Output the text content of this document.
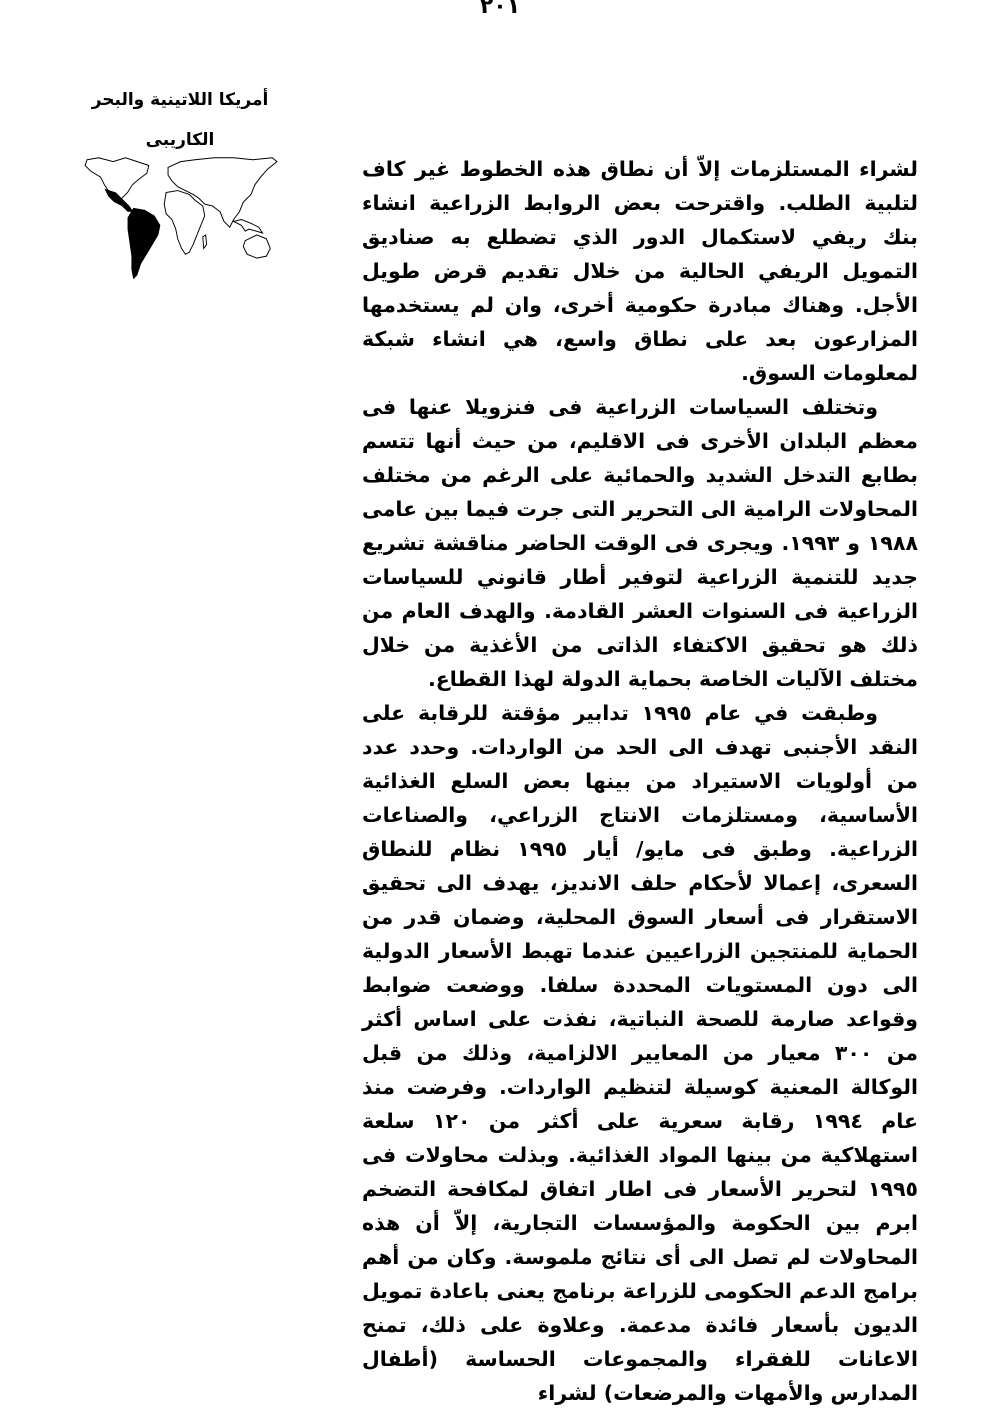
٢٠١

أمريكا اللاتينية والبحر

الكاريبى

لشراء المستلزمات إلاّ أن نطاق هذه الخطوط غير كاف لتلبية الطلب. واقترحت بعض الروابط الزراعية انشاء بنك ريفي لاستكمال الدور الذي تضطلع به صناديق التمويل الريفي الحالية من خلال تقديم قرض طويل الأجل. وهناك مبادرة حكومية أخرى، وان لم يستخدمها المزارعون بعد على نطاق واسع، هي انشاء شبكة لمعلومات السوق.

وتختلف السياسات الزراعية فى فنزويلا عنها فى معظم البلدان الأخرى فى الاقليم، من حيث أنها تتسم بطابع التدخل الشديد والحمائية على الرغم من مختلف المحاولات الرامية الى التحرير التى جرت فيما بين عامى ١٩٨٨ و ١٩٩٣. ويجرى فى الوقت الحاضر مناقشة تشريع جديد للتنمية الزراعية لتوفير أطار قانوني للسياسات الزراعية فى السنوات العشر القادمة. والهدف العام من ذلك هو تحقيق الاكتفاء الذاتى من الأغذية من خلال مختلف الآليات الخاصة بحماية الدولة لهذا القطاع.

وطبقت في عام ١٩٩٥ تدابير مؤقتة للرقابة على النقد الأجنبى تهدف الى الحد من الواردات. وحدد عدد من أولويات الاستيراد من بينها بعض السلع الغذائية الأساسية، ومستلزمات الانتاج الزراعي، والصناعات الزراعية. وطبق فى مايو/ أيار ١٩٩٥ نظام للنطاق السعرى، إعمالا لأحكام حلف الانديز، يهدف الى تحقيق الاستقرار فى أسعار السوق المحلية، وضمان قدر من الحماية للمنتجين الزراعيين عندما تهبط الأسعار الدولية الى دون المستويات المحددة سلفا. ووضعت ضوابط وقواعد صارمة للصحة النباتية، نفذت على اساس أكثر من ٣٠٠ معيار من المعايير الالزامية، وذلك من قبل الوكالة المعنية كوسيلة لتنظيم الواردات. وفرضت منذ عام ١٩٩٤ رقابة سعرية على أكثر من ١٢٠ سلعة استهلاكية من بينها المواد الغذائية. وبذلت محاولات فى ١٩٩٥ لتحرير الأسعار فى اطار اتفاق لمكافحة التضخم ابرم بين الحكومة والمؤسسات التجارية، إلاّ أن هذه المحاولات لم تصل الى أى نتائج ملموسة. وكان من أهم برامج الدعم الحكومى للزراعة برنامج يعنى باعادة تمويل الديون بأسعار فائدة مدعمة. وعلاوة على ذلك، تمنح الاعانات للفقراء والمجموعات الحساسة (أطفال المدارس والأمهات والمرضعات) لشراء
